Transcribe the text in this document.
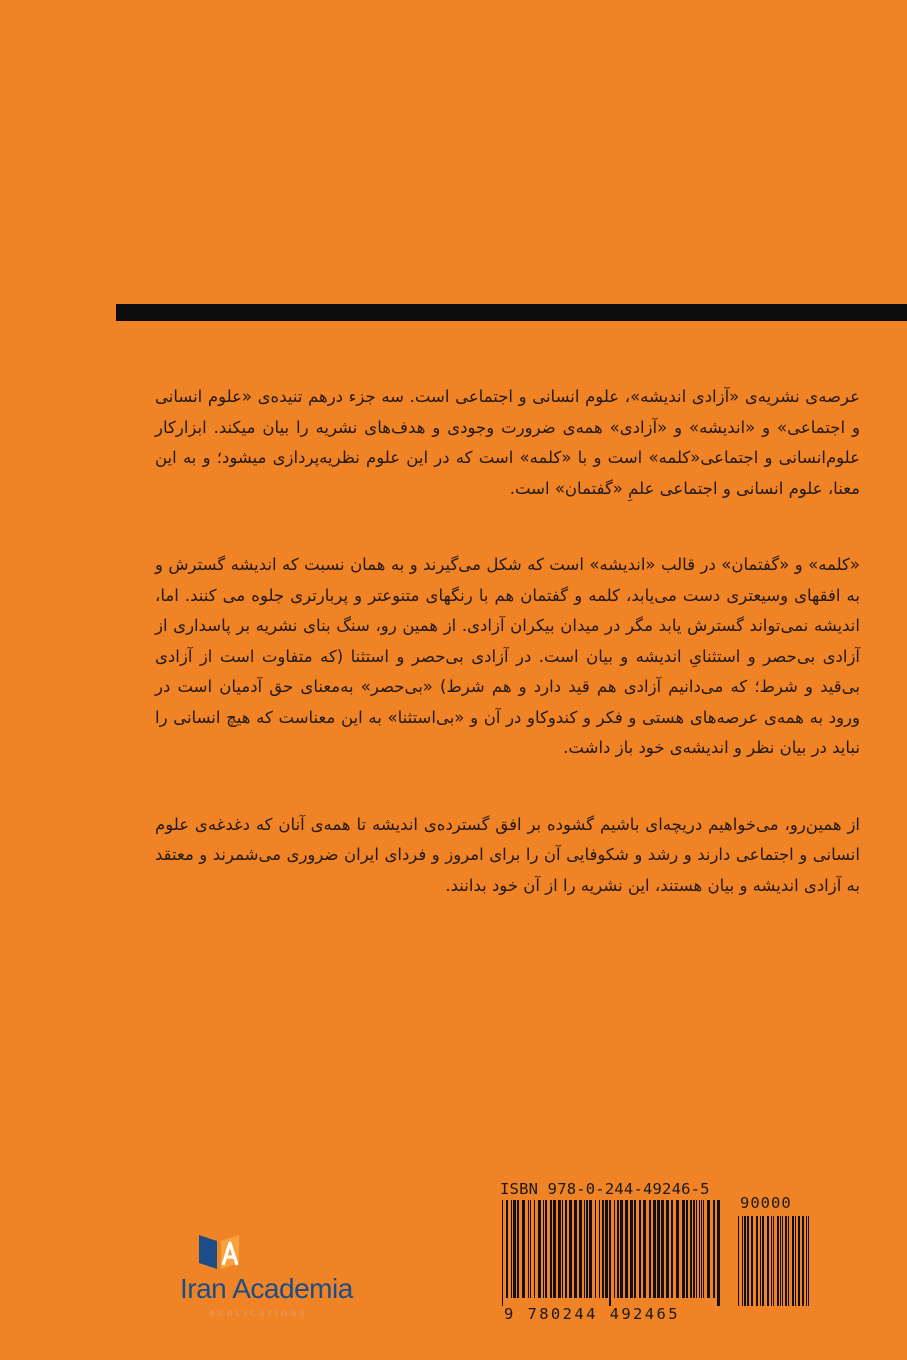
عرصه‌ی نشریه‌ی «آزادی اندیشه»، علوم انسانی و اجتماعی است. سه جزء درهم تنیده‌ی «علوم انسانی و اجتماعی» و «اندیشه» و «آزادی» همه‌ی ضرورت وجودی و هدف‌های نشریه را بیان میکند. ابزارکار علوم‌انسانی و اجتماعی«کلمه» است و با «کلمه» است که در این علوم نظریه‌پردازی میشود؛ و به این معنا، علوم انسانی و اجتماعی علمِ «گفتمان» است.

«کلمه» و «گفتمان» در قالب «اندیشه» است که شکل می‌گیرند و به همان نسبت که اندیشه گسترش و به افقهای وسیعتری دست می‌یابد، کلمه و گفتمان هم با رنگهای متنوعتر و پربارتری جلوه می کنند. اما، اندیشه نمی‌تواند گسترش یابد مگر در میدان بیکران آزادی. از همین رو، سنگ بنای نشریه بر پاسداری از آزادی بی‌حصر و استثنایِ اندیشه و بیان است. در آزادی بی‌حصر و استثنا (که متفاوت است از آزادی بی‌قید و شرط؛ که می‌دانیم آزادی هم قید دارد و هم شرط) «بی‌حصر» به‌معنای حق آدمیان است در ورود به همه‌ی عرصه‌های هستی و فکر و کندوکاو در آن و «بی‌استثنا» به این معناست که هیچ انسانی را نباید در بیان نظر و اندیشه‌ی خود باز داشت.

از همین‌رو، می‌خواهیم دریچه‌ای باشیم گشوده بر افق گسترده‌ی اندیشه تا همه‌ی آنان که دغدغه‌ی علوم انسانی و اجتماعی دارند و رشد و شکوفایی آن را برای امروز و فردای ایران ضروری می‌شمرند و معتقد به آزادی اندیشه و بیان هستند، این نشریه را از آن خود بدانند.

Iran Academia
PUBLICATIONS
ISBN 978-0-244-49246-5
90000
9 780244 492465
